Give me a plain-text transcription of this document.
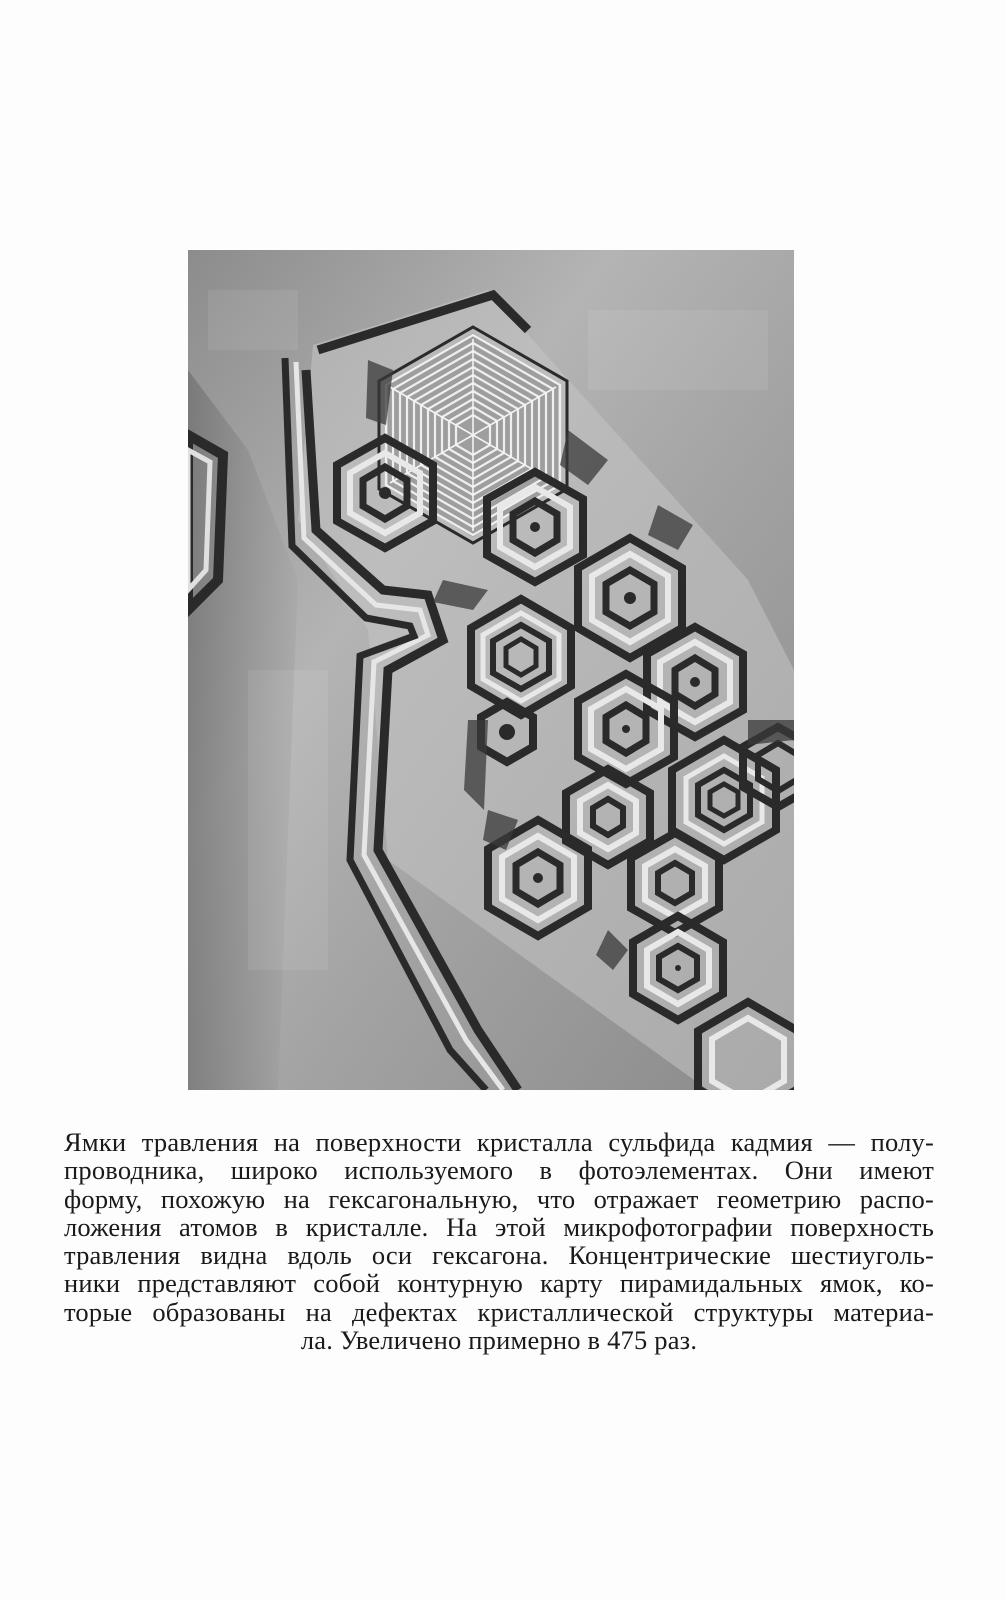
Ямки травления на поверхности кристалла сульфида кадмия — полу-
проводника, широко используемого в фотоэлементах. Они имеют
форму, похожую на гексагональную, что отражает геометрию распо-
ложения атомов в кристалле. На этой микрофотографии поверхность
травления видна вдоль оси гексагона. Концентрические шестиуголь-
ники представляют собой контурную карту пирамидальных ямок, ко-
торые образованы на дефектах кристаллической структуры материа-
ла. Увеличено примерно в 475 раз.
